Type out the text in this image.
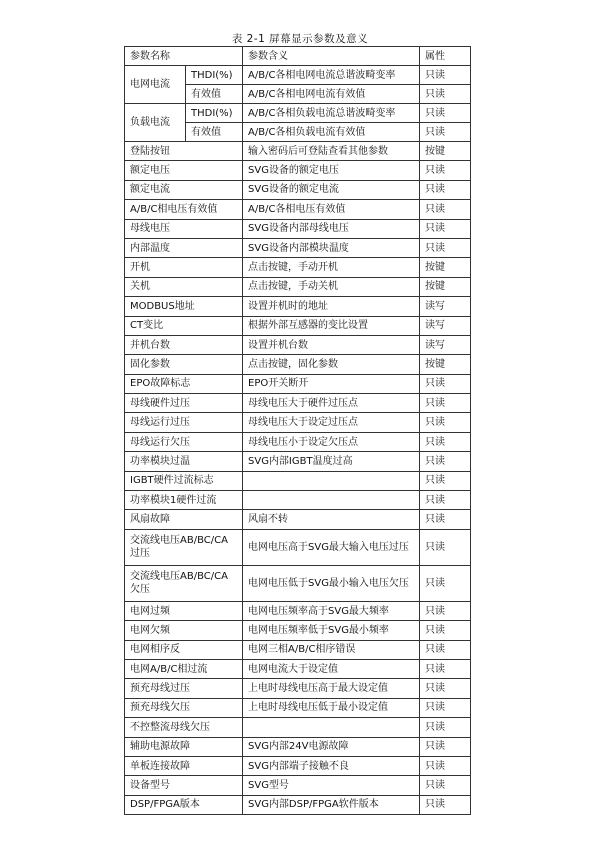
表 2-1 屏幕显示参数及意义
参数名称		参数含义	属性
电网电流	THDI(%)	A/B/C各相电网电流总谐波畸变率	只读
	有效值	A/B/C各相电网电流有效值	只读
负载电流	THDI(%)	A/B/C各相负载电流总谐波畸变率	只读
	有效值	A/B/C各相负载电流有效值	只读
登陆按钮		输入密码后可登陆查看其他参数	按键
额定电压		SVG设备的额定电压	只读
额定电流		SVG设备的额定电流	只读
A/B/C相电压有效值		A/B/C各相电压有效值	只读
母线电压		SVG设备内部母线电压	只读
内部温度		SVG设备内部模块温度	只读
开机		点击按键，手动开机	按键
关机		点击按键，手动关机	按键
MODBUS地址		设置并机时的地址	读写
CT变比		根据外部互感器的变比设置	读写
并机台数		设置并机台数	读写
固化参数		点击按键，固化参数	按键
EPO故障标志		EPO开关断开	只读
母线硬件过压		母线电压大于硬件过压点	只读
母线运行过压		母线电压大于设定过压点	只读
母线运行欠压		母线电压小于设定欠压点	只读
功率模块过温		SVG内部IGBT温度过高	只读
IGBT硬件过流标志			只读
功率模块1硬件过流			只读
风扇故障		风扇不转	只读
交流线电压AB/BC/CA过压		电网电压高于SVG最大输入电压过压	只读
交流线电压AB/BC/CA欠压		电网电压低于SVG最小输入电压欠压	只读
电网过频		电网电压频率高于SVG最大频率	只读
电网欠频		电网电压频率低于SVG最小频率	只读
电网相序反		电网三相A/B/C相序错误	只读
电网A/B/C相过流		电网电流大于设定值	只读
预充母线过压		上电时母线电压高于最大设定值	只读
预充母线欠压		上电时母线电压低于最小设定值	只读
不控整流母线欠压			只读
辅助电源故障		SVG内部24V电源故障	只读
单板连接故障		SVG内部端子接触不良	只读
设备型号		SVG型号	只读
DSP/FPGA版本		SVG内部DSP/FPGA软件版本	只读
